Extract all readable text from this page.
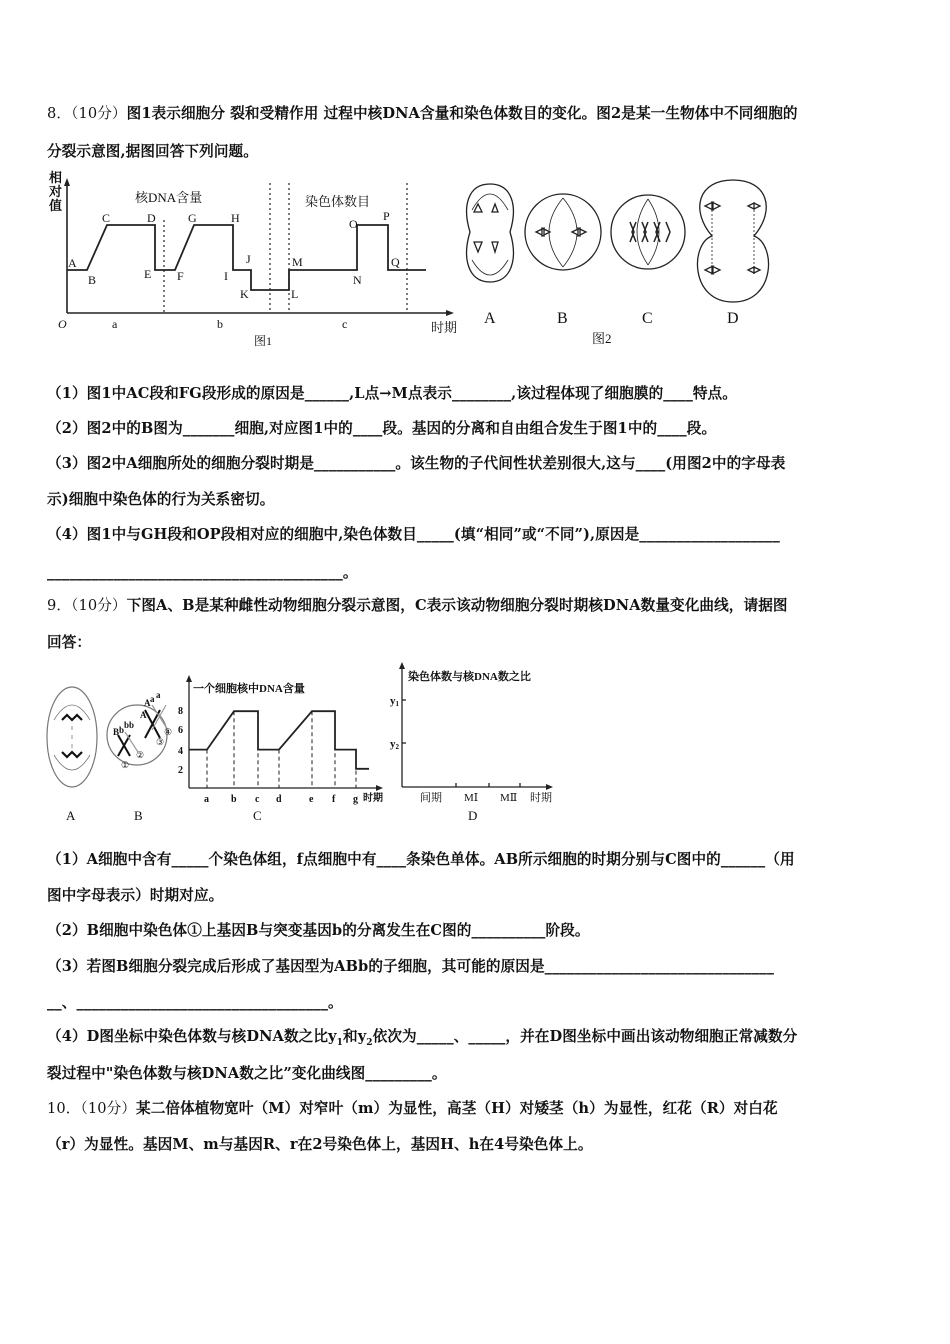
8．（10分）图1表示细胞分 裂和受精作用 过程中核DNA含量和染色体数目的变化。图2是某一生物体中不同细胞的
分裂示意图,据图回答下列问题。
相
对
值
核DNA含量	染色体数目
A
B
C	D
E F
G	H
I
J
K	L
M
N
O
P
Q
O	a	b	c	时期
图1
A	B	C	D
图2
（1）图1中AC段和FG段形成的原因是______,L点→M点表示________,该过程体现了细胞膜的____特点。
（2）图2中的B图为_______细胞,对应图1中的____段。基因的分离和自由组合发生于图1中的____段。
（3）图2中A细胞所处的细胞分裂时期是___________。该生物的子代间性状差别很大,这与____(用图2中的字母表
示)细胞中染色体的行为关系密切。
（4）图1中与GH段和OP段相对应的细胞中,染色体数目_____(填“相同”或“不同”),原因是___________________
________________________________________。
9．（10分）下图A、B是某种雌性动物细胞分裂示意图，C表示该动物细胞分裂时期核DNA数量变化曲线，请据图
回答：
A a
A
a
B b b b
①
②
③
④
A	B
一个细胞核中DNA含量
8
6
4
2
a b c d	e f g 时期
C
染色体数与核DNA数之比
y1
y2
间期 MⅠ MⅡ 时期
D
（1）A细胞中含有_____个染色体组，f点细胞中有____条染色单体。AB所示细胞的时期分别与C图中的______（用
图中字母表示）时期对应。
（2）B细胞中染色体①上基因B与突变基因b的分离发生在C图的__________阶段。
（3）若图B细胞分裂完成后形成了基因型为ABb的子细胞，其可能的原因是_______________________________
__、__________________________________。
（4）D图坐标中染色体数与核DNA数之比$y_1$和$y_2$依次为_____、_____，并在D图坐标中画出该动物细胞正常减数分
裂过程中"染色体数与核DNA数之比”变化曲线图_________。
10．（10分）某二倍体植物宽叶（M）对窄叶（m）为显性，高茎（H）对矮茎（h）为显性，红花（R）对白花
（r）为显性。基因M、m与基因R、r在2号染色体上，基因H、h在4号染色体上。
